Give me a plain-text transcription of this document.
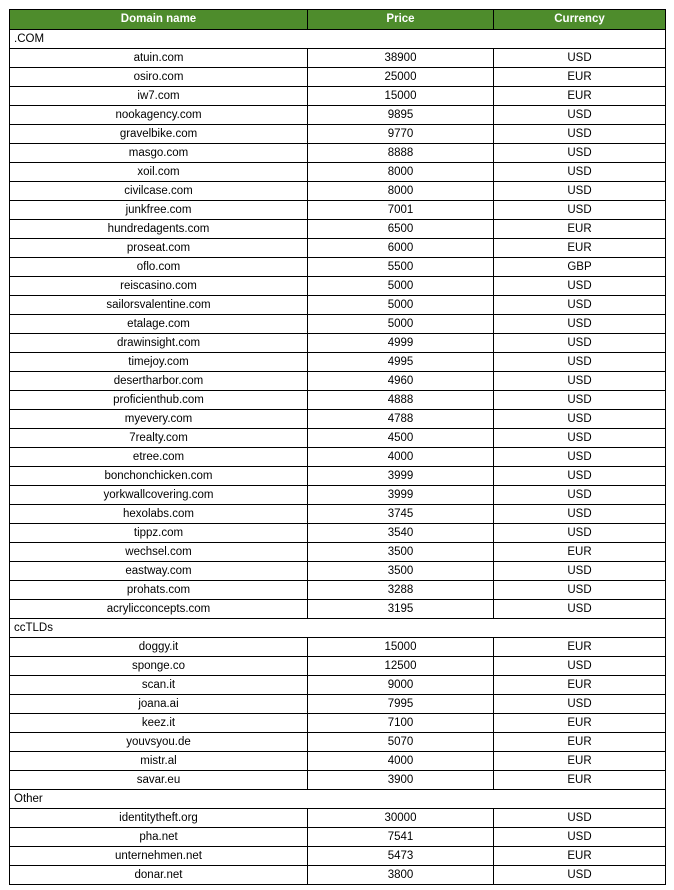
Domain name	Price	Currency
.COM		
atuin.com	38900	USD
osiro.com	25000	EUR
iw7.com	15000	EUR
nookagency.com	9895	USD
gravelbike.com	9770	USD
masgo.com	8888	USD
xoil.com	8000	USD
civilcase.com	8000	USD
junkfree.com	7001	USD
hundredagents.com	6500	EUR
proseat.com	6000	EUR
oflo.com	5500	GBP
reiscasino.com	5000	USD
sailorsvalentine.com	5000	USD
etalage.com	5000	USD
drawinsight.com	4999	USD
timejoy.com	4995	USD
desertharbor.com	4960	USD
proficienthub.com	4888	USD
myevery.com	4788	USD
7realty.com	4500	USD
etree.com	4000	USD
bonchonchicken.com	3999	USD
yorkwallcovering.com	3999	USD
hexolabs.com	3745	USD
tippz.com	3540	USD
wechsel.com	3500	EUR
eastway.com	3500	USD
prohats.com	3288	USD
acrylicconcepts.com	3195	USD
ccTLDs		
doggy.it	15000	EUR
sponge.co	12500	USD
scan.it	9000	EUR
joana.ai	7995	USD
keez.it	7100	EUR
youvsyou.de	5070	EUR
mistr.al	4000	EUR
savar.eu	3900	EUR
Other		
identitytheft.org	30000	USD
pha.net	7541	USD
unternehmen.net	5473	EUR
donar.net	3800	USD
